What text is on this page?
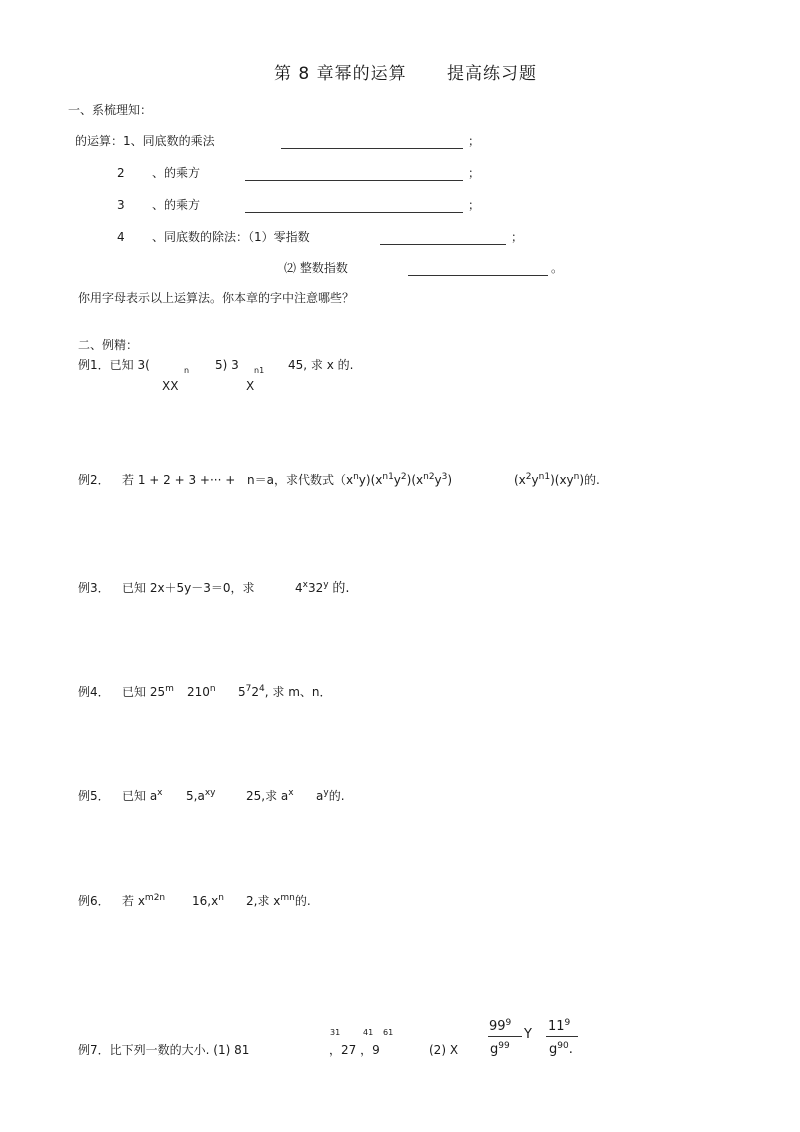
第 8 章幂的运算 提高练习题
一、系梳理知：
的运算：1、同底数的乘法	；
2 、的乘方	；
3 、的乘方	；
4 、同底数的除法：（1）零指数	；
⑵ 整数指数	。
你用字母表示以上运算法。你本章的字中注意哪些？
二、例精：
例1．已知 3(	n 5) 3 n1 45, 求 x 的.
XX	X
例2． 若 1 + 2 + 3 +··· + n＝a，求代数式$(x^ny)(x^{n1}y^2)(x^{n2}y^3)$	$(x^2y^{n1})(xy^n)$的.
例3． 已知 2x＋5y－3＝0，求	4$^x$32$^y$ 的.
例4． 已知 25$^m$ 210$^n$ $5^72^4$, 求 m、n．
例5． 已知 $a^x$ $5,a^{xy}$	25,求 $a^x$ $a^y$的.
例6． 若 $x^{m2n}$ $16,x^n$ 2,求 $x^{mn}$的.
例7．比下列一数的大小. (1) 81
31	41 61
，27 ，9	(2) X
$99^9$
$g^{99}$
Y
$11^9$
$g^{90}$.
